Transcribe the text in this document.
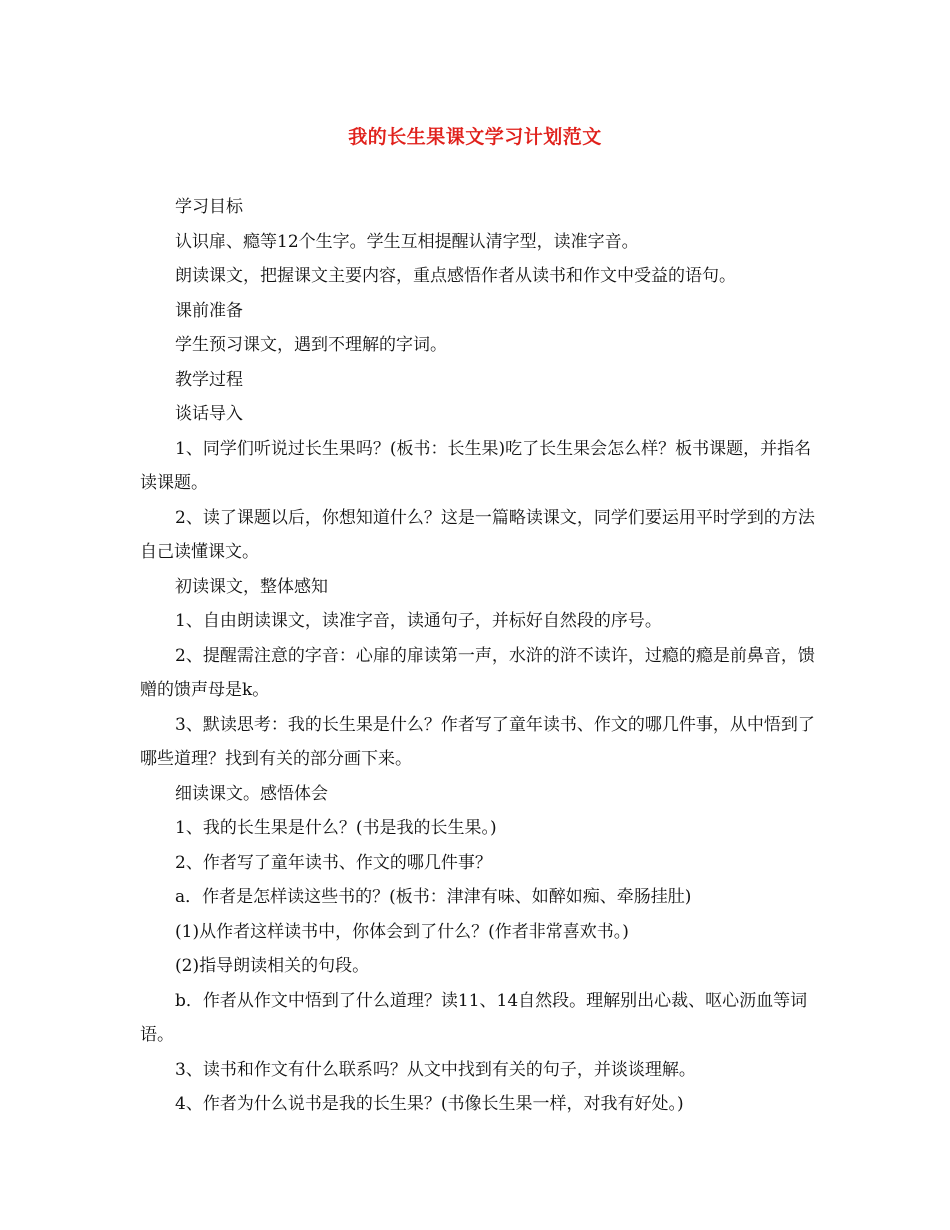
我的长生果课文学习计划范文

学习目标

认识扉、瘾等12个生字。学生互相提醒认清字型，读准字音。

朗读课文，把握课文主要内容，重点感悟作者从读书和作文中受益的语句。

课前准备

学生预习课文，遇到不理解的字词。

教学过程

谈话导入

1、同学们听说过长生果吗？(板书：长生果)吃了长生果会怎么样？板书课题，并指名读课题。

2、读了课题以后，你想知道什么？这是一篇略读课文，同学们要运用平时学到的方法自己读懂课文。

初读课文，整体感知

1、自由朗读课文，读准字音，读通句子，并标好自然段的序号。

2、提醒需注意的字音：心扉的扉读第一声，水浒的浒不读许，过瘾的瘾是前鼻音，馈赠的馈声母是k。

3、默读思考：我的长生果是什么？作者写了童年读书、作文的哪几件事，从中悟到了哪些道理？找到有关的部分画下来。

细读课文。感悟体会

1、我的长生果是什么？(书是我的长生果。)

2、作者写了童年读书、作文的哪几件事？

a．作者是怎样读这些书的？(板书：津津有味、如醉如痴、牵肠挂肚)

(1)从作者这样读书中，你体会到了什么？(作者非常喜欢书。)

(2)指导朗读相关的句段。

b．作者从作文中悟到了什么道理？读11、14自然段。理解别出心裁、呕心沥血等词语。

3、读书和作文有什么联系吗？从文中找到有关的句子，并谈谈理解。

4、作者为什么说书是我的长生果？(书像长生果一样，对我有好处。)
